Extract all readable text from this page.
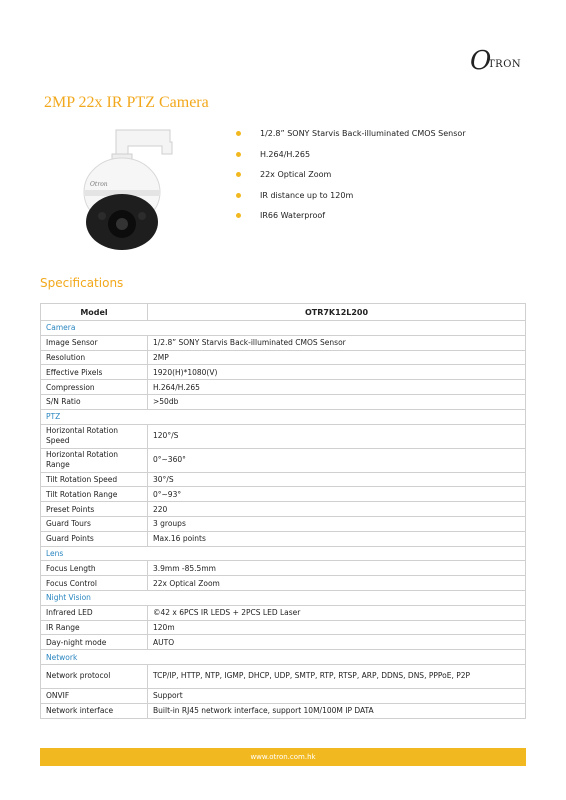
O
TRON
2MP 22x IR PTZ Camera
Otron
1/2.8” SONY Starvis Back-illuminated CMOS Sensor
H.264/H.265
22x Optical Zoom
IR distance up to 120m
IR66 Waterproof
Specifications
Model	OTR7K12L200
Camera	
Image Sensor	1/2.8” SONY Starvis Back-illuminated CMOS Sensor
Resolution	2MP
Effective Pixels	1920(H)*1080(V)
Compression	H.264/H.265
S/N Ratio	>50db
PTZ	
Horizontal Rotation Speed	120°/S
Horizontal Rotation Range	0°~360°
Tilt Rotation Speed	30°/S
Tilt Rotation Range	0°~93°
Preset Points	220
Guard Tours	3 groups
Guard Points	Max.16 points
Lens	
Focus Length	3.9mm -85.5mm
Focus Control	22x Optical Zoom
Night Vision	
Infrared LED	©42 x 6PCS IR LEDS + 2PCS LED Laser
IR Range	120m
Day-night mode	AUTO
Network	
Network protocol	TCP/IP, HTTP, NTP, IGMP, DHCP, UDP, SMTP, RTP, RTSP, ARP, DDNS, DNS, PPPoE, P2P
ONVIF	Support
Network interface	Built-in RJ45 network interface, support 10M/100M IP DATA
www.otron.com.hk
